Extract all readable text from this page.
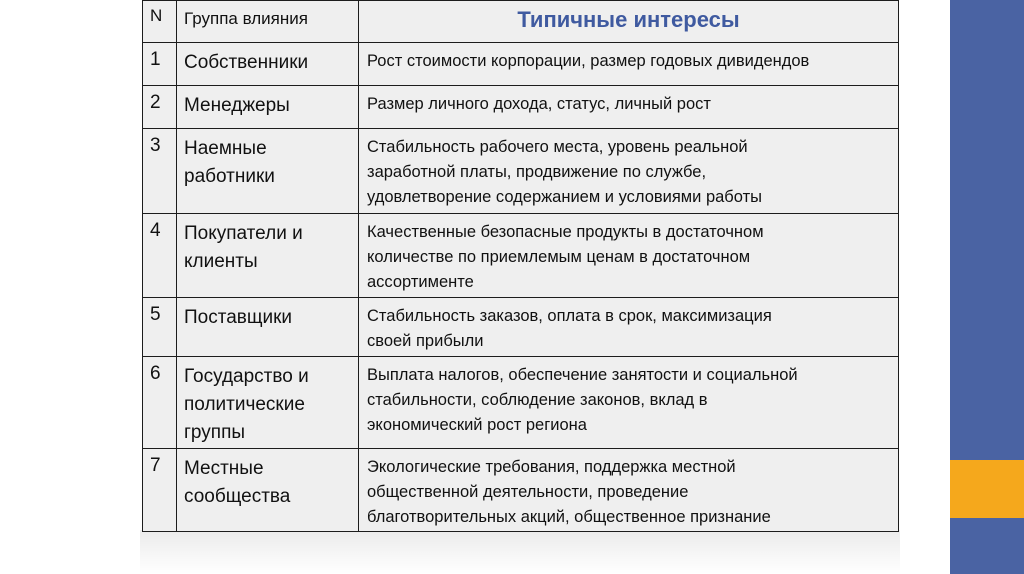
N	Группа влияния	Типичные интересы
1	Собственники	Рост стоимости корпорации, размер годовых дивидендов
2	Менеджеры	Размер личного дохода, статус, личный рост
3	Наемные
работники	Стабильность рабочего места, уровень реальной
заработной платы, продвижение по службе,
удовлетворение содержанием и условиями работы
4	Покупатели и
клиенты	Качественные безопасные продукты в достаточном
количестве по приемлемым ценам в достаточном
ассортименте
5	Поставщики	Стабильность заказов, оплата в срок, максимизация
своей прибыли
6	Государство и
политические
группы	Выплата налогов, обеспечение занятости и социальной
стабильности, соблюдение законов, вклад в
экономический рост региона
7	Местные
сообщества	Экологические требования, поддержка местной
общественной деятельности, проведение
благотворительных акций, общественное признание
